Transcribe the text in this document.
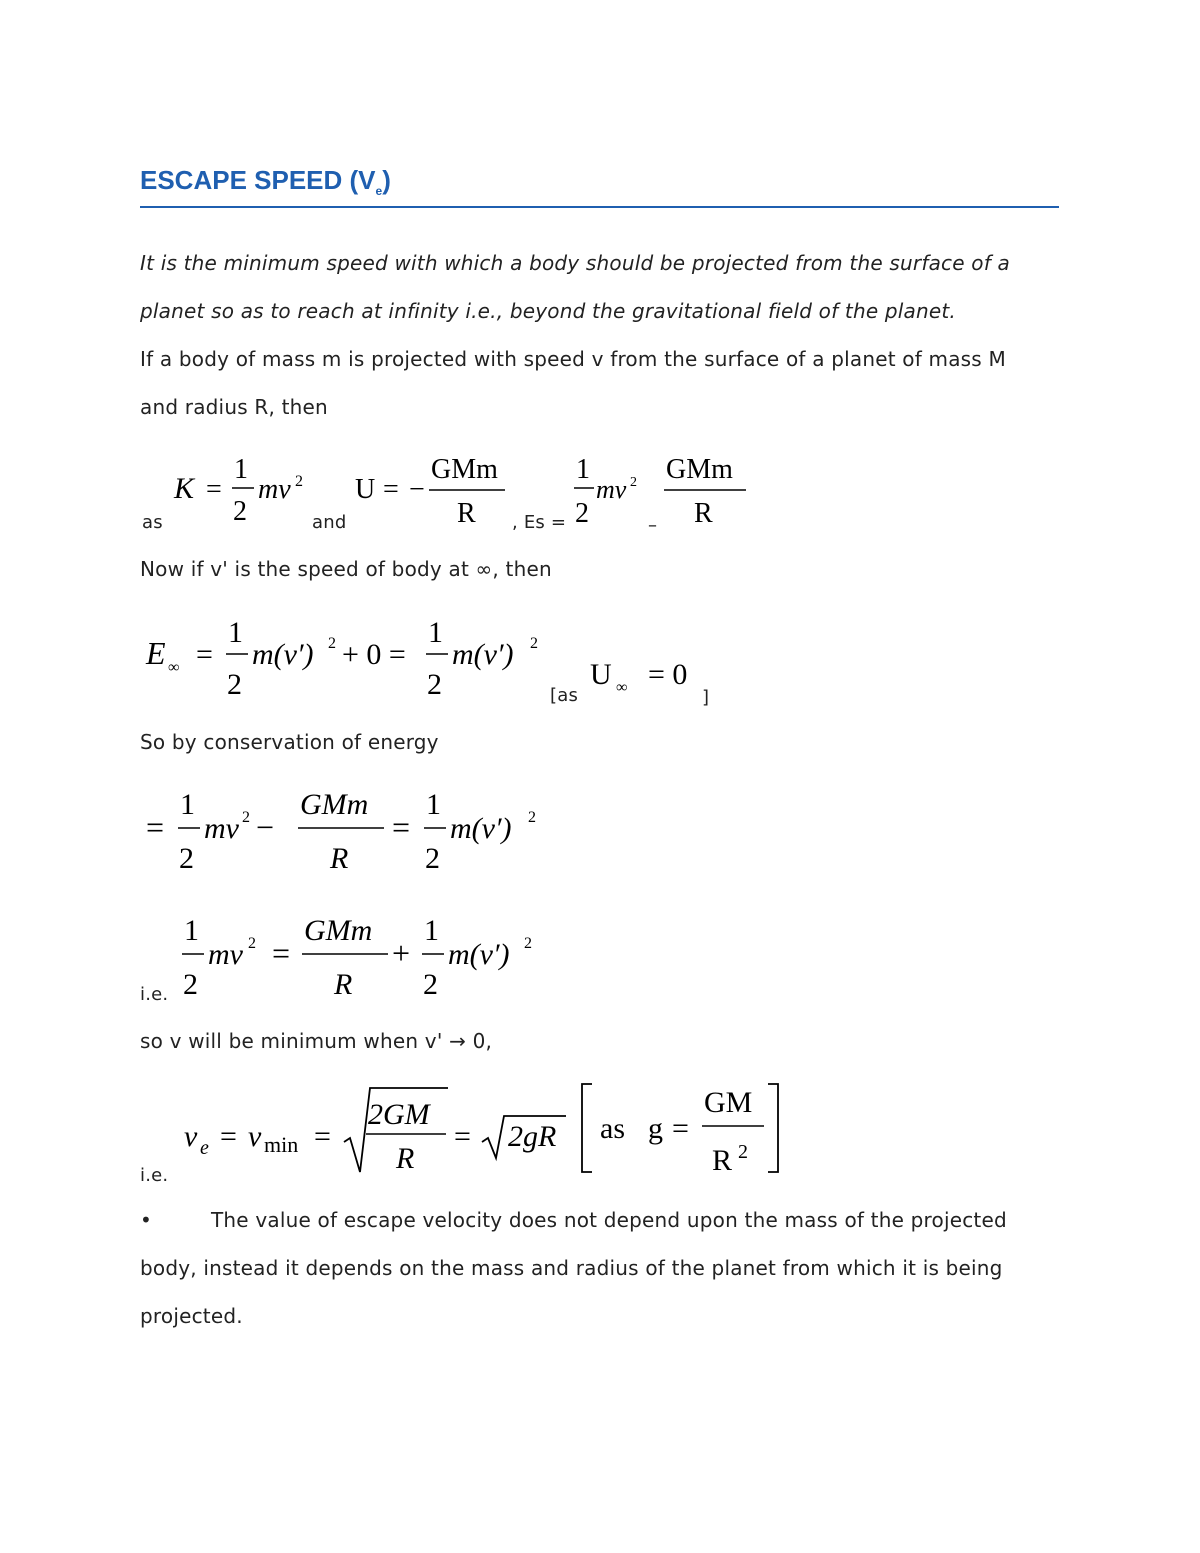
ESCAPE SPEED $(V_e)$
It is the minimum speed with which a body should be projected from the surface of a
planet so as to reach at infinity i.e., beyond the gravitational field of the planet.
If a body of mass m is projected with speed v from the surface of a planet of mass M
and radius R, then
as
K =
1
2
mv 2
and
U = −
GMm
R , Es =
1
2
mv 2
–
GMm
R
Now if v' is the speed of body at ∞, then
E ∞ =
1
2
m(v′) 2 + 0 =
1
2
m(v′) 2
[as
U ∞ = 0
]
So by conservation of energy
=
1
2
mv 2 −
GMm
R
=
1
2
m(v′) 2
i.e.
1
2
mv 2 =
GMm
R
+
1
2
m(v′) 2
so v will be minimum when v' → 0,
i.e.
v e = v min =
2GM
R
= 2gR as g =
GM
R 2
•	The value of escape velocity does not depend upon the mass of the projected
body, instead it depends on the mass and radius of the planet from which it is being
projected.
